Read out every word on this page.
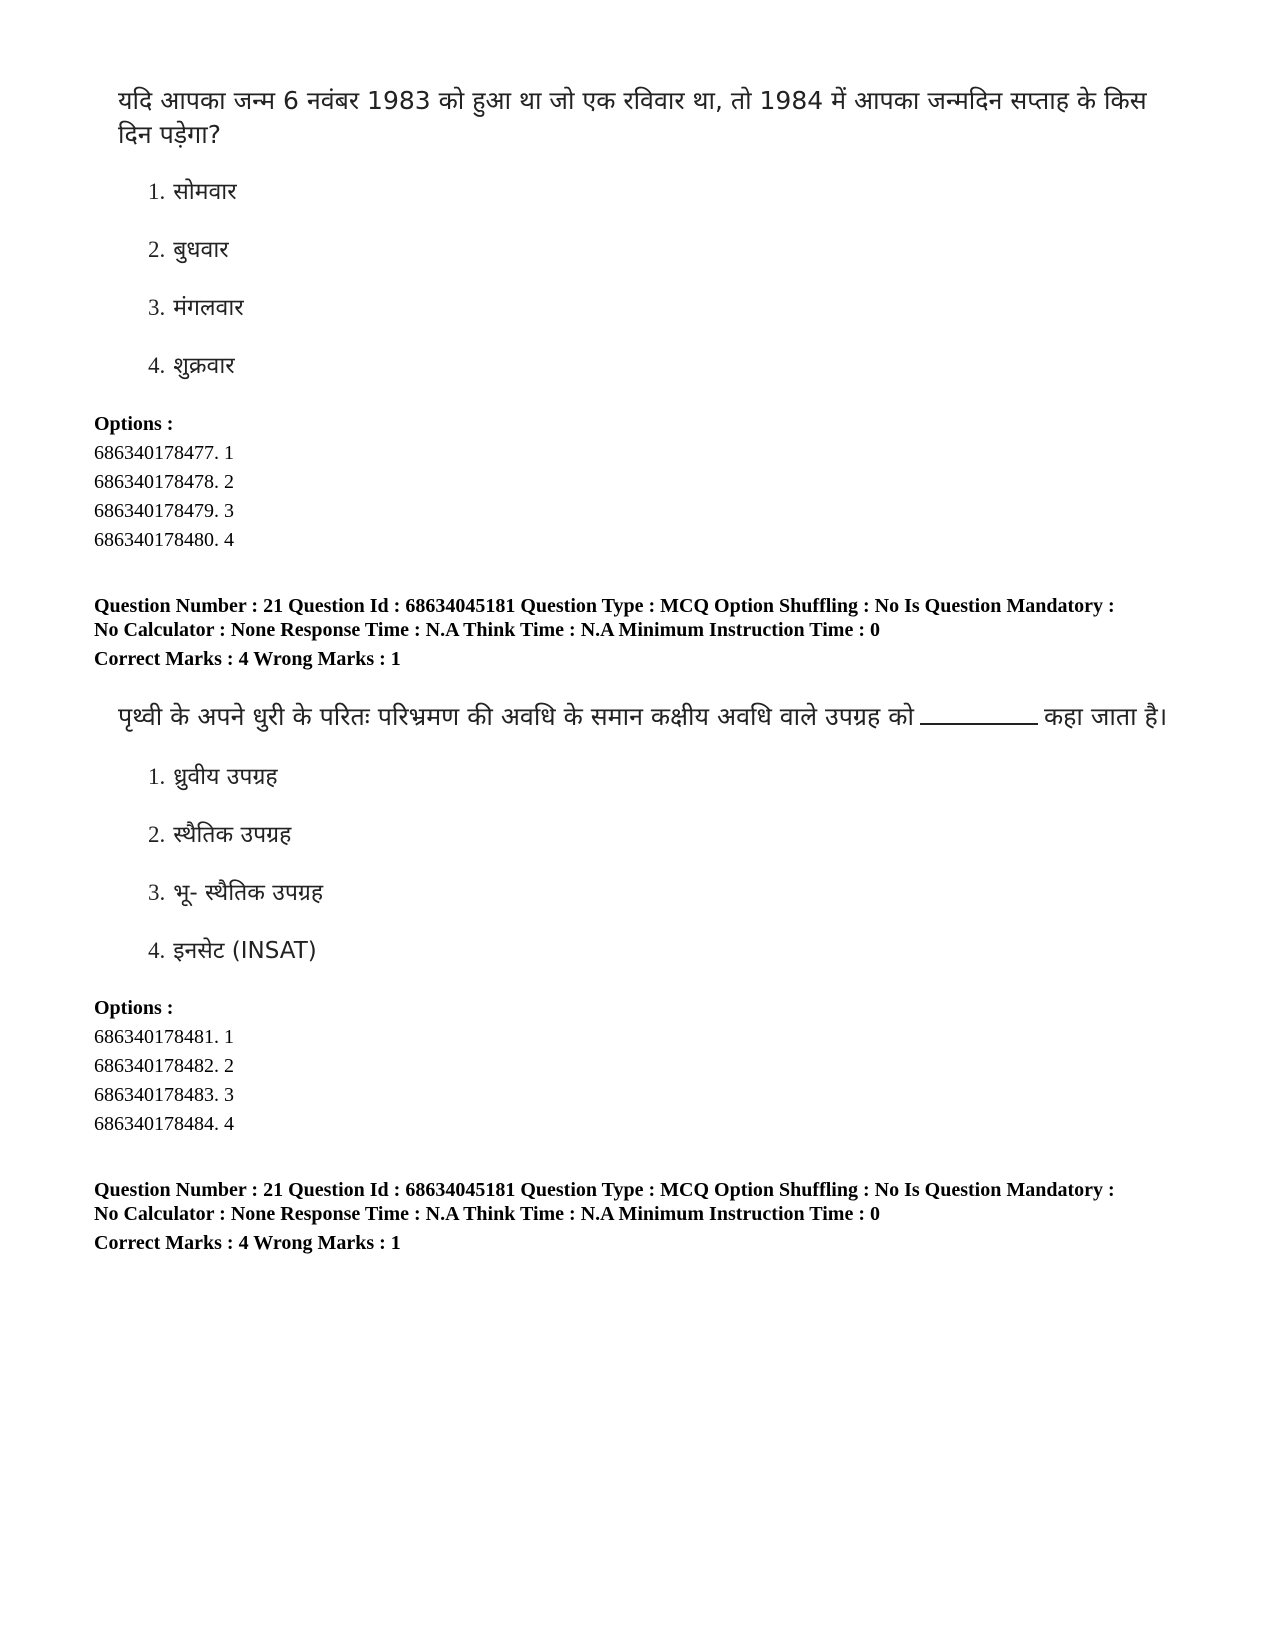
यदि आपका जन्म 6 नवंबर 1983 को हुआ था जो एक रविवार था, तो 1984 में आपका जन्मदिन सप्ताह के किस दिन पड़ेगा?
1. सोमवार
2. बुधवार
3. मंगलवार
4. शुक्रवार
Options :
686340178477. 1
686340178478. 2
686340178479. 3
686340178480. 4
Question Number : 21 Question Id : 68634045181 Question Type : MCQ Option Shuffling : No Is Question Mandatory :
No Calculator : None Response Time : N.A Think Time : N.A Minimum Instruction Time : 0
Correct Marks : 4 Wrong Marks : 1
पृथ्वी के अपने धुरी के परितः परिभ्रमण की अवधि के समान कक्षीय अवधि वाले उपग्रह को	कहा जाता है।
1. ध्रुवीय उपग्रह
2. स्थैतिक उपग्रह
3. भू- स्थैतिक उपग्रह
4. इनसेट (INSAT)
Options :
686340178481. 1
686340178482. 2
686340178483. 3
686340178484. 4
Question Number : 21 Question Id : 68634045181 Question Type : MCQ Option Shuffling : No Is Question Mandatory :
No Calculator : None Response Time : N.A Think Time : N.A Minimum Instruction Time : 0
Correct Marks : 4 Wrong Marks : 1
